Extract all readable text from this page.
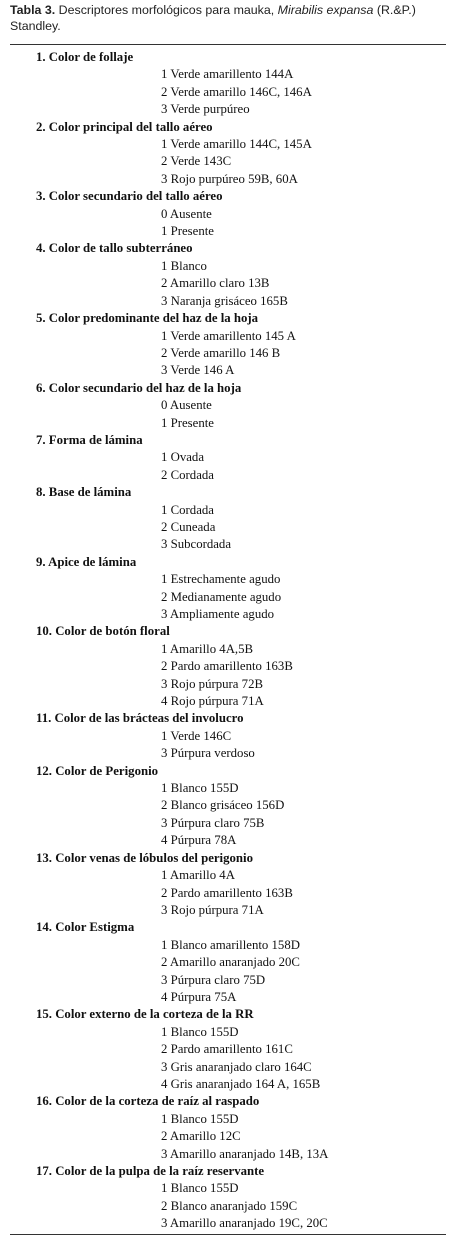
Tabla 3. Descriptores morfológicos para mauka, Mirabilis expansa (R.&P.) Standley.
1. Color de follaje
1 Verde amarillento 144A
2 Verde amarillo 146C, 146A
3 Verde purpúreo
2. Color principal del tallo aéreo
1 Verde amarillo 144C, 145A
2 Verde 143C
3 Rojo purpúreo 59B, 60A
3. Color secundario del tallo aéreo
0 Ausente
1 Presente
4. Color de tallo subterráneo
1 Blanco
2 Amarillo claro 13B
3 Naranja grisáceo 165B
5. Color predominante del haz de la hoja
1 Verde amarillento 145 A
2 Verde amarillo 146 B
3 Verde 146 A
6. Color secundario del haz de la hoja
0 Ausente
1 Presente
7. Forma de lámina
1 Ovada
2 Cordada
8. Base de lámina
1 Cordada
2 Cuneada
3 Subcordada
9. Apice de lámina
1 Estrechamente agudo
2 Medianamente agudo
3 Ampliamente agudo
10. Color de botón floral
1 Amarillo 4A,5B
2 Pardo amarillento 163B
3 Rojo púrpura 72B
4 Rojo púrpura 71A
11. Color de las brácteas del involucro
1 Verde 146C
3 Púrpura verdoso
12. Color de Perigonio
1 Blanco 155D
2 Blanco grisáceo 156D
3 Púrpura claro 75B
4 Púrpura 78A
13. Color venas de lóbulos del perigonio
1 Amarillo 4A
2 Pardo amarillento 163B
3 Rojo púrpura 71A
14. Color Estigma
1 Blanco amarillento 158D
2 Amarillo anaranjado 20C
3 Púrpura claro 75D
4 Púrpura 75A
15. Color externo de la corteza de la RR
1 Blanco 155D
2 Pardo amarillento 161C
3 Gris anaranjado claro 164C
4 Gris anaranjado 164 A, 165B
16. Color de la corteza de raíz al raspado
1 Blanco 155D
2 Amarillo 12C
3 Amarillo anaranjado 14B, 13A
17. Color de la pulpa de la raíz reservante
1 Blanco 155D
2 Blanco anaranjado 159C
3 Amarillo anaranjado 19C, 20C
